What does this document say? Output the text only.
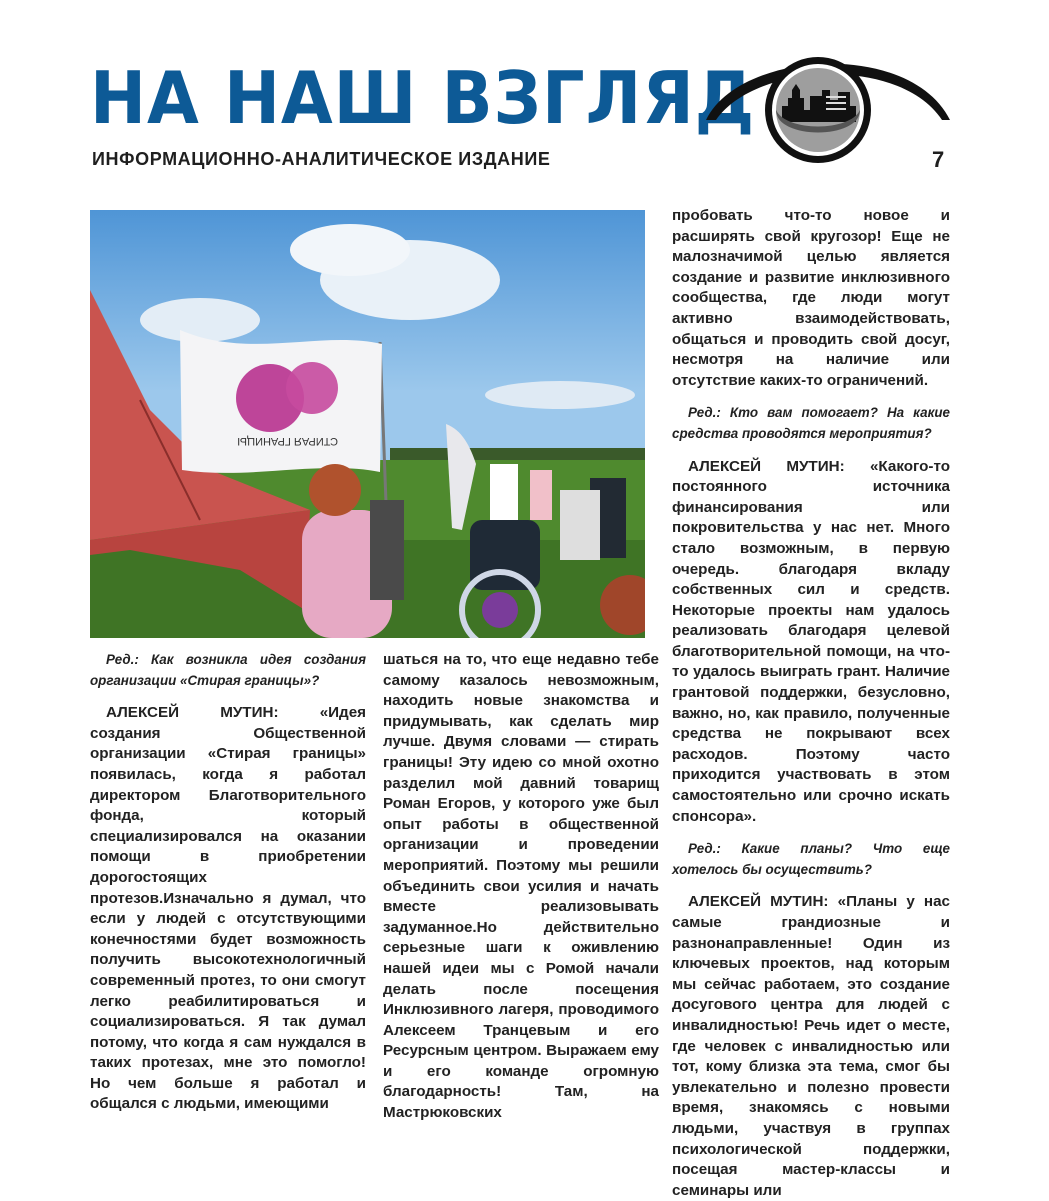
НА НАШ ВЗГЛЯД
ИНФОРМАЦИОННО-АНАЛИТИЧЕСКОЕ ИЗДАНИЕ	7
СТИРАЯ ГРАНИЦЫ

Ред.: Как возникла идея создания организации «Стирая границы»?

АЛЕКСЕЙ МУТИН:	«Идея создания Общественной организации «Стирая границы» появилась, когда я работал директором Благотворительного фонда, который специализировался на оказании помощи в приобретении дорогостоящих протезов.Изначально я думал, что если у людей с отсутствующими конечностями будет возможность получить высокотехнологичный современный протез, то они смогут легко реабилитироваться и социализироваться. Я так думал потому, что когда я сам нуждался в таких протезах, мне это помогло! Но чем больше я работал и общался с людьми, имеющими

шаться на то, что еще недавно тебе самому казалось невозможным, находить новые знакомства и придумывать, как сделать мир лучше. Двумя словами — стирать границы! Эту идею со мной охотно разделил мой давний товарищ Роман Егоров, у которого уже был опыт работы в общественной организации и проведении мероприятий. Поэтому мы решили объединить свои усилия и начать вместе реализовывать задуманное.Но действительно серьезные шаги к оживлению нашей идеи мы с Ромой начали делать после посещения Инклюзивного лагеря, проводимого Алексеем Транцевым и его Ресурсным центром. Выражаем ему и его команде огромную благодарность! Там, на Мастрюковских

пробовать что-то новое и расширять свой кругозор! Еще не малозначимой целью является создание и развитие инклюзивного сообщества, где люди могут активно взаимодействовать, общаться и проводить свой досуг, несмотря на наличие или отсутствие каких-то ограничений.

Ред.: Кто вам помогает? На какие средства проводятся мероприятия?

АЛЕКСЕЙ МУТИН: «Какого-то постоянного источника финансирования или покровительства у нас нет. Много стало возможным, в первую очередь. благодаря вкладу собственных сил и средств. Некоторые проекты нам удалось реализовать благодаря целевой благотворительной помощи, на что-то удалось выиграть грант. Наличие грантовой поддержки, безусловно, важно, но, как правило, полученные средства не покрывают всех расходов. Поэтому часто приходится участвовать в этом самостоятельно или срочно искать спонсора».

Ред.: Какие планы? Что еще хотелось бы осуществить?

АЛЕКСЕЙ МУТИН: «Планы у нас самые грандиозные и разнонаправленные! Один из ключевых проектов, над которым мы сейчас работаем, это создание досугового центра для людей с инвалидностью! Речь идет о месте, где человек с инвалидностью или тот, кому близка эта тема, смог бы увлекательно и полезно провести время, знакомясь с новыми людьми, участвуя в группах психологической поддержки, посещая мастер-классы и семинары или
